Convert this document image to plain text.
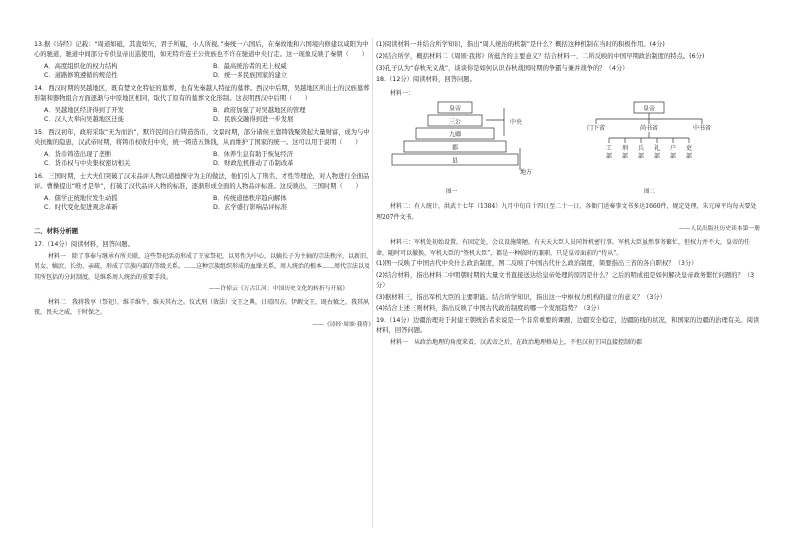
13.据《诗经》记载：“周道如砥，其直如矢，君子所履，小人所视。”秦统一六国后，在秦故地和六国境内修建以咸阳为中心的驰道，驰道中间部分专供皇帝出巡使用，如无特许连王公贵族也不许在驰道中央行走。这一现象反映了秦朝（　　）

A．高度组织化的权力结构	B．最高统治者的无上权威
C．道路修筑遵循的规范性	D．统一多民族国家的建立

14．西汉时期的吴越地区，既有楚文化特征的墓葬，也有先秦越人特征的墓葬。西汉中后期，吴越地区所出土的汉族墓葬形制和器物组合方面逐渐与中原地区相同，取代了原有的墓葬文化形制。这表明西汉中后期（　　）

A．吴越地区经济得到了开发	B．政府加强了对吴越地区的管理
C．汉人大举向吴越地区迁徙	D．民族交融得到进一步发展

15．西汉初年，政府采取“无为而治”，默许民间自行铸造货币，文景时期，部分诸侯王靠铸钱聚敛起大量财富，成为与中央抗衡的隐患，汉武帝时期，将铸币权收归中央，统一铸造五铢钱，从而维护了国家的统一。这可以用于说明（　　）

A．货币铸造出现了垄断	B．休养生息有助于恢复经济
C．货币权与中央集权密切相关	D．财政危机推动了币制改革

16．三国时期，士大夫们突破了汉末品评人物以道德操守为主的做法，他们引入了刑名、才性等理论，对人物进行全面品评。曹操提出“唯才是举”，打破了汉代品评人物的标准，逐渐形成全面的人物品评标准。这反映出，三国时期（　　）

A．儒学正统地位发生动摇	B．传统道德秩序趋向解体
C．时代变化促进观念革新	D．玄学盛行影响品评标准

二、材料分析题

17.（14分）阅读材料，回答问题。

材料一　除了事奉与继承有所关联，这些祭祀活动形成了王家祭祀，以男性为中心，以嫡长子为主轴的宗法秩序，以新旧、男女、嫡庶、长幼、亲疏，形成了宗族内部的等级关系。……这种宗族组织形成的血缘关系，周人统治的根本……周代宗法以及其所包括的分封制度，是维系周人统治的重要手段。

——许倬云《万古江河：中国历史文化的转折与开展》

材料二　我将我享（祭祀），维羊维牛，维天其右之。仪式刑（效法）文王之典，日靖四方。伊嘏文王，既右飨之。我其夙夜，畏天之威，于时保之。

——《诗经·周颂·我将》

(1)阅读材料一并结合所学知识，指出“周人统治的机制”是什么？概括这种机制在当时的积极作用。(4分)

(2)结合所学，概括材料二《周颂·我将》所蕴含的主要意义？结合材料一、二所反映的中国早期政治制度的特点。(6分)

(3)孔子认为“春秋无义战”，谈谈你是如何认识春秋战国时期的争霸与兼并战争的？（4分）

18.（12分）阅读材料，回答问题。

材料一：

皇帝
三公
九卿
郡
县
中央
地方
图一
皇帝
门下省	尚书省	中书省
工 刑 兵 礼 户 吏
部 部 部 部 部 部
图二

材料二：有人统计，洪武十七年（1384）九月中旬自十四日至二十一日，各衙门送奏事文书多达1660件，规定处理，朱元璋平均每天要处理207件文书。

——人民出版社历史读本第一册

材料三：军机处初始设置，有固定处，会议设施简陋，有天天大臣人员同旨机密行事。军机大臣虽然事务繁忙，但权力并不大，皇帝的任命，随时可以撤换，军机大臣的“签机大臣”，都是一种临时的兼职。只是皇帝面前的“侍从”。

(1)图一反映了中国古代中央什么政治制度，图二反映了中国古代什么政治制度，简要指出三省的各自职权？（3分）

(2)结合材料，指出材料二中明朝时期的大量文书直接送达给皇帝处理的原因是什么？之后的明成祖是如何解决皇帝政务繁忙问题的？（3分）

(3)据材料三，指出军机大臣的主要职能。结合所学知识，指出这一中枢权力机构的建立的意义？（3分）

(4)结合上述三则材料，指出反映了中国古代政治制度的哪一个发展趋势？（3分）

19.（14分）边疆治理对于封建王朝统治者来说是一个非常重要的课题，边疆安全稳定，边疆防线的状况，和国家的边疆的治理有关。阅读材料，回答问题。

材料一　从政治地理的角度来看，汉武帝之后，在政治地理格局上，不但汉初王国直接控制的郡
